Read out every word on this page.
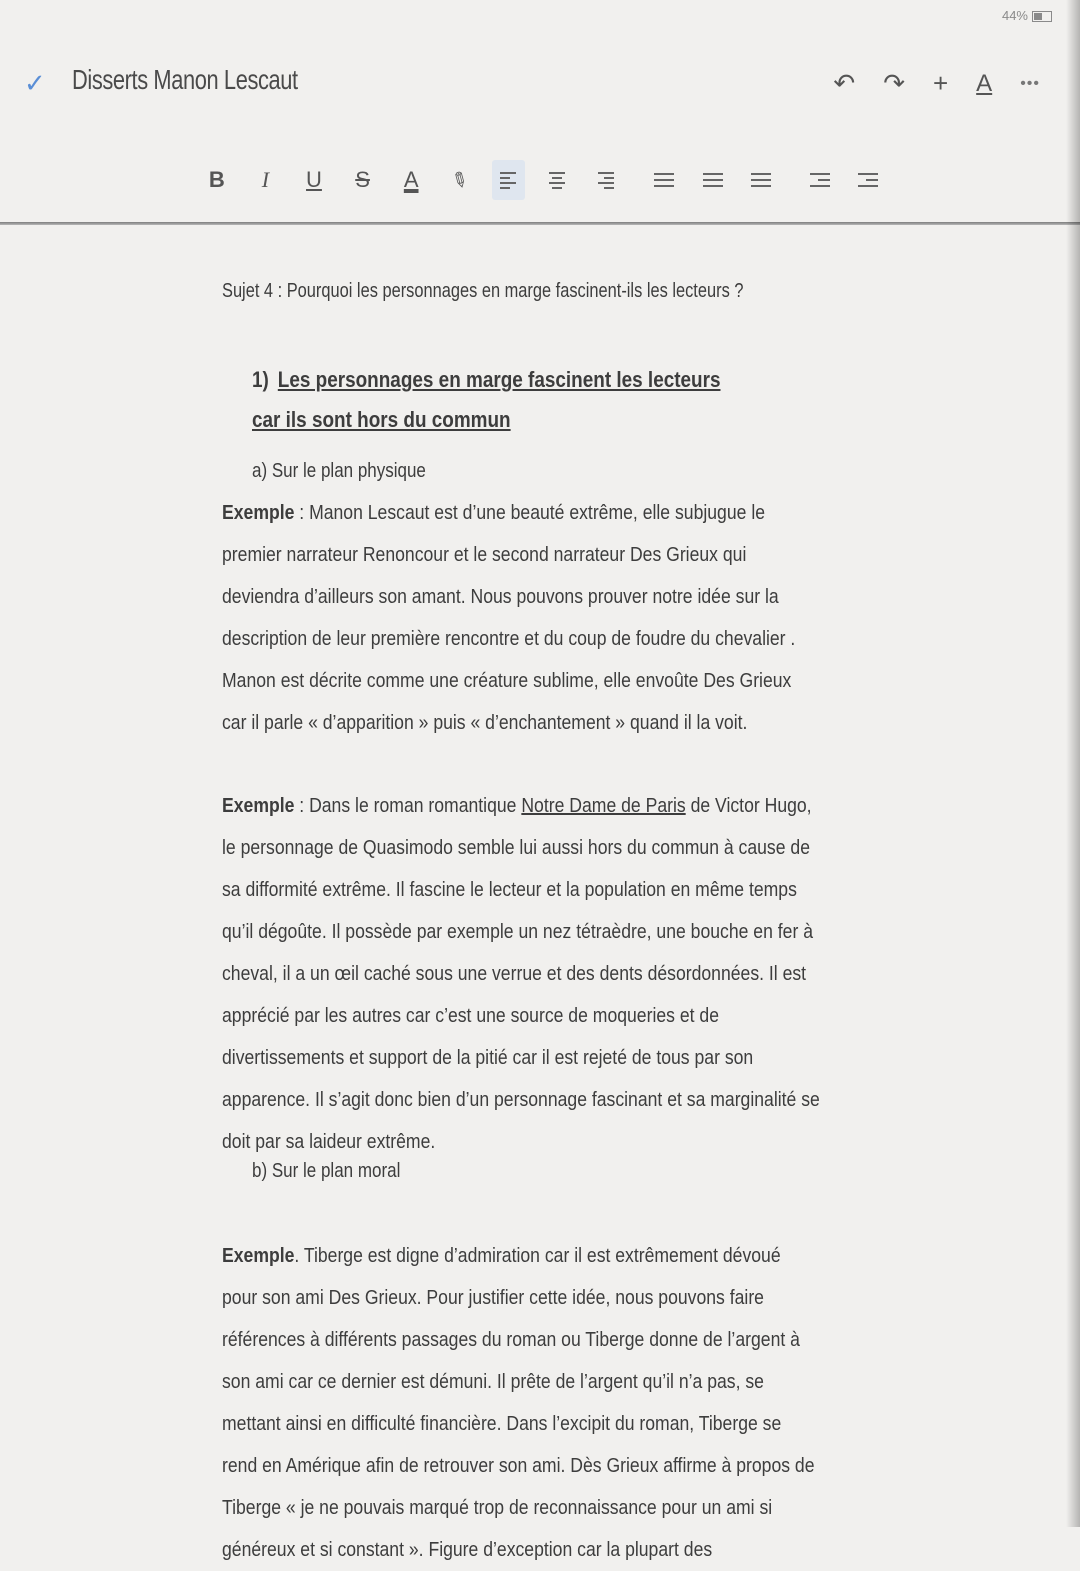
44%
✓ Disserts Manon Lescaut	↶ ↷ + A •••
B	I	U	S	A	✎

Sujet 4 : Pourquoi les personnages en marge fascinent-ils les lecteurs ?

1) Les personnages en marge fascinent les lecteurs car ils sont hors du commun

a) Sur le plan physique

Exemple : Manon Lescaut est d’une beauté extrême, elle subjugue le premier narrateur Renoncour et le second narrateur Des Grieux qui deviendra d’ailleurs son amant. Nous pouvons prouver notre idée sur la description de leur première rencontre et du coup de foudre du chevalier . Manon est décrite comme une créature sublime, elle envoûte Des Grieux car il parle « d’apparition » puis « d’enchantement » quand il la voit.

Exemple : Dans le roman romantique Notre Dame de Paris de Victor Hugo, le personnage de Quasimodo semble lui aussi hors du commun à cause de sa difformité extrême. Il fascine le lecteur et la population en même temps qu’il dégoûte. Il possède par exemple un nez tétraèdre, une bouche en fer à cheval, il a un œil caché sous une verrue et des dents désordonnées. Il est apprécié par les autres car c’est une source de moqueries et de divertissements et support de la pitié car il est rejeté de tous par son apparence. Il s’agit donc bien d’un personnage fascinant et sa marginalité se doit par sa laideur extrême.

b) Sur le plan moral

Exemple. Tiberge est digne d’admiration car il est extrêmement dévoué pour son ami Des Grieux. Pour justifier cette idée, nous pouvons faire références à différents passages du roman ou Tiberge donne de l’argent à son ami car ce dernier est démuni. Il prête de l’argent qu’il n’a pas, se mettant ainsi en difficulté financière. Dans l’excipit du roman, Tiberge se rend en Amérique afin de retrouver son ami. Dès Grieux affirme à propos de Tiberge « je ne pouvais marqué trop de reconnaissance pour un ami si généreux et si constant ». Figure d’exception car la plupart des
